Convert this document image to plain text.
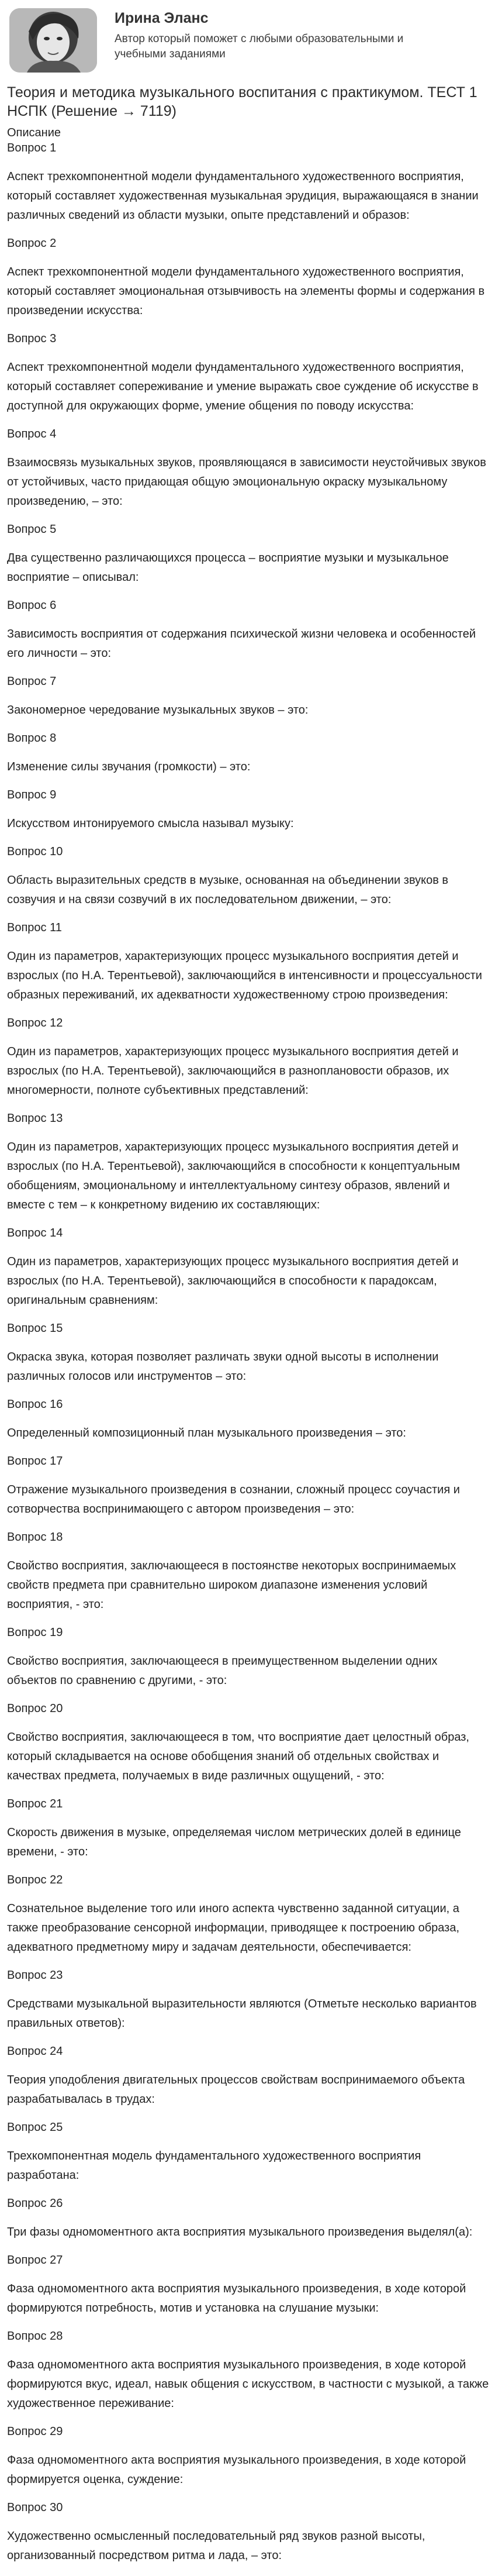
Ирина Эланс
Автор который поможет с любыми образовательными и учебными заданиями
Теория и методика музыкального воспитания с практикумом. ТЕСТ 1 НСПК (Решение → 7119)
Описание
Вопрос 1
Аспект трехкомпонентной модели фундаментального художественного восприятия, который составляет художественная музыкальная эрудиция, выражающаяся в знании различных сведений из области музыки, опыте представлений и образов:
Вопрос 2
Аспект трехкомпонентной модели фундаментального художественного восприятия, который составляет эмоциональная отзывчивость на элементы формы и содержания в произведении искусства:
Вопрос 3
Аспект трехкомпонентной модели фундаментального художественного восприятия, который составляет сопереживание и умение выражать свое суждение об искусстве в доступной для окружающих форме, умение общения по поводу искусства:
Вопрос 4
Взаимосвязь музыкальных звуков, проявляющаяся в зависимости неустойчивых звуков от устойчивых, часто придающая общую эмоциональную окраску музыкальному произведению, – это:
Вопрос 5
Два существенно различающихся процесса – восприятие музыки и музыкальное восприятие – описывал:
Вопрос 6
Зависимость восприятия от содержания психической жизни человека и особенностей его личности – это:
Вопрос 7
Закономерное чередование музыкальных звуков – это:
Вопрос 8
Изменение силы звучания (громкости) – это:
Вопрос 9
Искусством интонируемого смысла называл музыку:
Вопрос 10
Область выразительных средств в музыке, основанная на объединении звуков в созвучия и на связи созвучий в их последовательном движении, – это:
Вопрос 11
Один из параметров, характеризующих процесс музыкального восприятия детей и взрослых (по Н.А. Терентьевой), заключающийся в интенсивности и процессуальности образных переживаний, их адекватности художественному строю произведения:
Вопрос 12
Один из параметров, характеризующих процесс музыкального восприятия детей и взрослых (по Н.А. Терентьевой), заключающийся в разноплановости образов, их многомерности, полноте субъективных представлений:
Вопрос 13
Один из параметров, характеризующих процесс музыкального восприятия детей и взрослых (по Н.А. Терентьевой), заключающийся в способности к концептуальным обобщениям, эмоциональному и интеллектуальному синтезу образов, явлений и вместе с тем – к конкретному видению их составляющих:
Вопрос 14
Один из параметров, характеризующих процесс музыкального восприятия детей и взрослых (по Н.А. Терентьевой), заключающийся в способности к парадоксам, оригинальным сравнениям:
Вопрос 15
Окраска звука, которая позволяет различать звуки одной высоты в исполнении различных голосов или инструментов – это:
Вопрос 16
Определенный композиционный план музыкального произведения – это:
Вопрос 17
Отражение музыкального произведения в сознании, сложный процесс соучастия и сотворчества воспринимающего с автором произведения – это:
Вопрос 18
Свойство восприятия, заключающееся в постоянстве некоторых воспринимаемых свойств предмета при сравнительно широком диапазоне изменения условий восприятия, - это:
Вопрос 19
Свойство восприятия, заключающееся в преимущественном выделении одних объектов по сравнению с другими, - это:
Вопрос 20
Свойство восприятия, заключающееся в том, что восприятие дает целостный образ, который складывается на основе обобщения знаний об отдельных свойствах и качествах предмета, получаемых в виде различных ощущений, - это:
Вопрос 21
Скорость движения в музыке, определяемая числом метрических долей в единице времени, - это:
Вопрос 22
Сознательное выделение того или иного аспекта чувственно заданной ситуации, а также преобразование сенсорной информации, приводящее к построению образа, адекватного предметному миру и задачам деятельности, обеспечивается:
Вопрос 23
Средствами музыкальной выразительности являются (Отметьте несколько вариантов правильных ответов):
Вопрос 24
Теория уподобления двигательных процессов свойствам воспринимаемого объекта разрабатывалась в трудах:
Вопрос 25
Трехкомпонентная модель фундаментального художественного восприятия разработана:
Вопрос 26
Три фазы одномоментного акта восприятия музыкального произведения выделял(а):
Вопрос 27
Фаза одномоментного акта восприятия музыкального произведения, в ходе которой формируются потребность, мотив и установка на слушание музыки:
Вопрос 28
Фаза одномоментного акта восприятия музыкального произведения, в ходе которой формируются вкус, идеал, навык общения с искусством, в частности с музыкой, а также художественное переживание:
Вопрос 29
Фаза одномоментного акта восприятия музыкального произведения, в ходе которой формируется оценка, суждение:
Вопрос 30
Художественно осмысленный последовательный ряд звуков разной высоты, организованный посредством ритма и лада, – это:
